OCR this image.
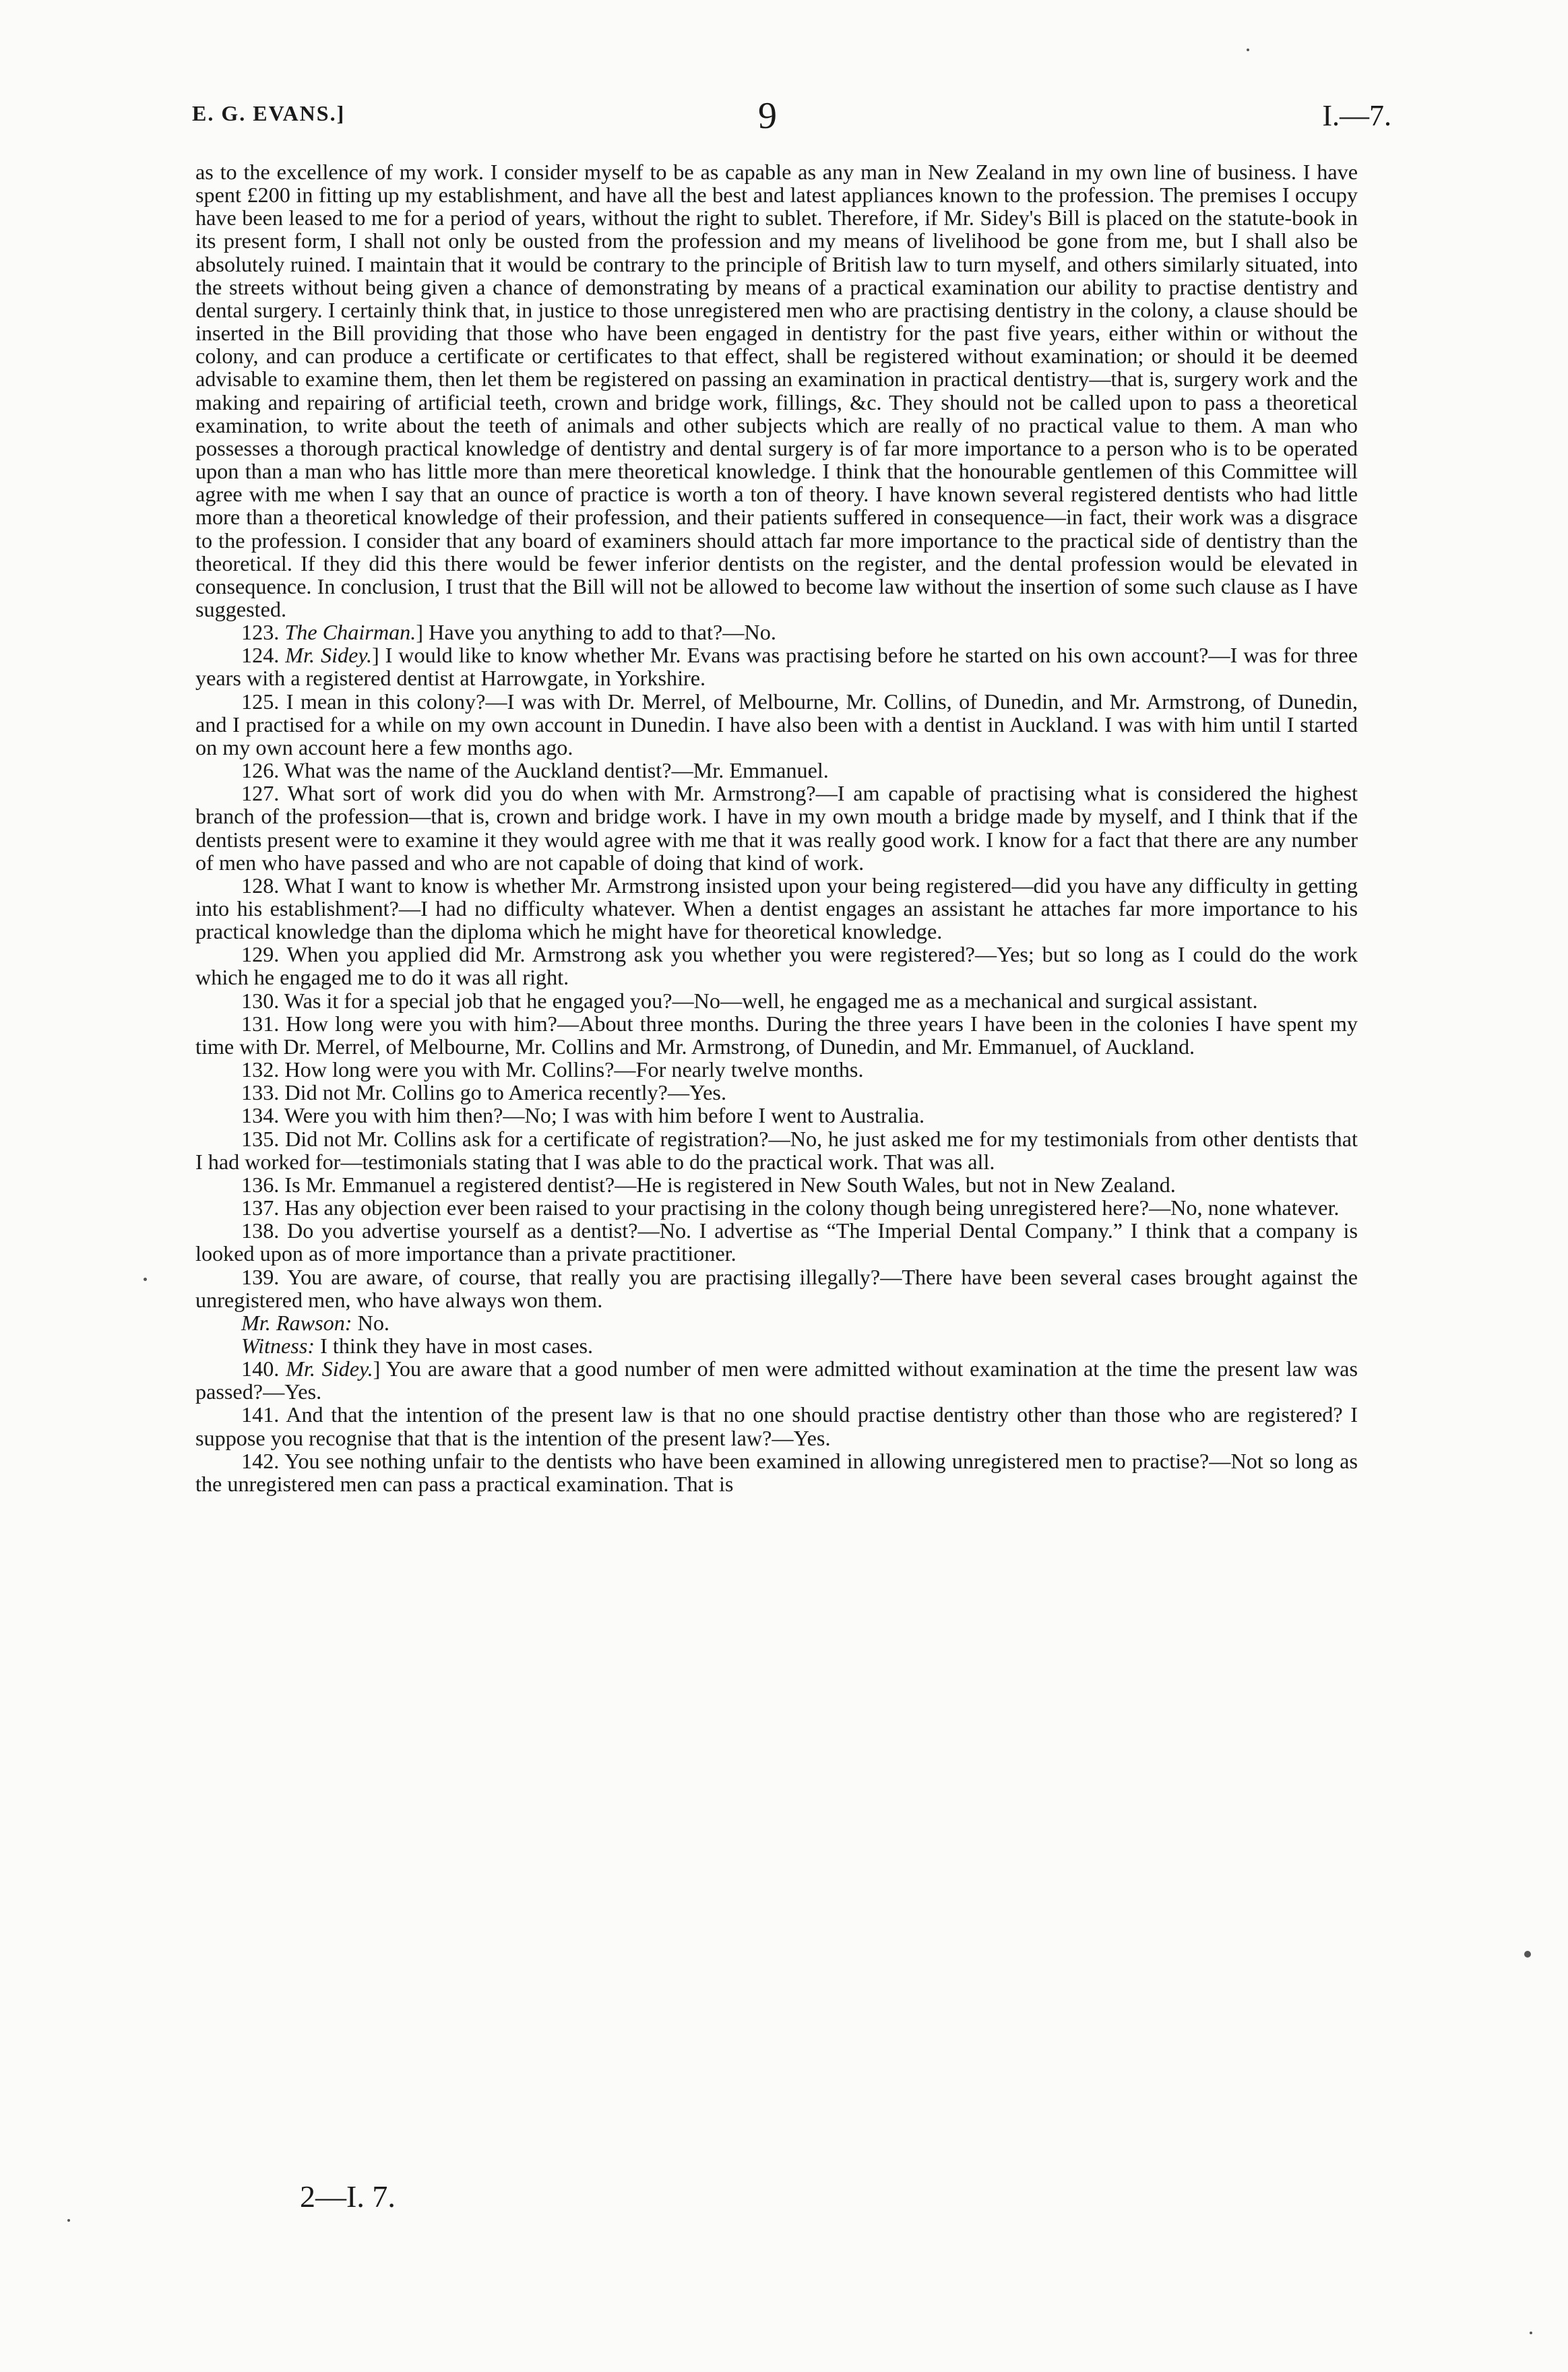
E. G. EVANS.]	9	I.—7.

as to the excellence of my work. I consider myself to be as capable as any man in New Zealand in my own line of business. I have spent £200 in fitting up my establishment, and have all the best and latest appliances known to the profession. The premises I occupy have been leased to me for a period of years, without the right to sublet. Therefore, if Mr. Sidey's Bill is placed on the statute-book in its present form, I shall not only be ousted from the profession and my means of livelihood be gone from me, but I shall also be absolutely ruined. I maintain that it would be contrary to the principle of British law to turn myself, and others similarly situated, into the streets without being given a chance of demonstrating by means of a practical examination our ability to practise dentistry and dental surgery. I certainly think that, in justice to those unregistered men who are practising dentistry in the colony, a clause should be inserted in the Bill providing that those who have been engaged in dentistry for the past five years, either within or without the colony, and can produce a certificate or certificates to that effect, shall be registered without examination; or should it be deemed advisable to examine them, then let them be registered on passing an examination in practical dentistry—that is, surgery work and the making and repairing of artificial teeth, crown and bridge work, fillings, &c. They should not be called upon to pass a theoretical examination, to write about the teeth of animals and other subjects which are really of no practical value to them. A man who possesses a thorough practical knowledge of dentistry and dental surgery is of far more importance to a person who is to be operated upon than a man who has little more than mere theoretical knowledge. I think that the honourable gentlemen of this Committee will agree with me when I say that an ounce of practice is worth a ton of theory. I have known several registered dentists who had little more than a theoretical knowledge of their profession, and their patients suffered in consequence—in fact, their work was a disgrace to the profession. I consider that any board of examiners should attach far more importance to the practical side of dentistry than the theoretical. If they did this there would be fewer inferior dentists on the register, and the dental profession would be elevated in consequence. In conclusion, I trust that the Bill will not be allowed to become law without the insertion of some such clause as I have suggested.

123. The Chairman.] Have you anything to add to that?—No.

124. Mr. Sidey.] I would like to know whether Mr. Evans was practising before he started on his own account?—I was for three years with a registered dentist at Harrowgate, in Yorkshire.

125. I mean in this colony?—I was with Dr. Merrel, of Melbourne, Mr. Collins, of Dunedin, and Mr. Armstrong, of Dunedin, and I practised for a while on my own account in Dunedin. I have also been with a dentist in Auckland. I was with him until I started on my own account here a few months ago.

126. What was the name of the Auckland dentist?—Mr. Emmanuel.

127. What sort of work did you do when with Mr. Armstrong?—I am capable of practising what is considered the highest branch of the profession—that is, crown and bridge work. I have in my own mouth a bridge made by myself, and I think that if the dentists present were to examine it they would agree with me that it was really good work. I know for a fact that there are any number of men who have passed and who are not capable of doing that kind of work.

128. What I want to know is whether Mr. Armstrong insisted upon your being registered—did you have any difficulty in getting into his establishment?—I had no difficulty whatever. When a dentist engages an assistant he attaches far more importance to his practical knowledge than the diploma which he might have for theoretical knowledge.

129. When you applied did Mr. Armstrong ask you whether you were registered?—Yes; but so long as I could do the work which he engaged me to do it was all right.

130. Was it for a special job that he engaged you?—No—well, he engaged me as a mechanical and surgical assistant.

131. How long were you with him?—About three months. During the three years I have been in the colonies I have spent my time with Dr. Merrel, of Melbourne, Mr. Collins and Mr. Armstrong, of Dunedin, and Mr. Emmanuel, of Auckland.

132. How long were you with Mr. Collins?—For nearly twelve months.

133. Did not Mr. Collins go to America recently?—Yes.

134. Were you with him then?—No; I was with him before I went to Australia.

135. Did not Mr. Collins ask for a certificate of registration?—No, he just asked me for my testimonials from other dentists that I had worked for—testimonials stating that I was able to do the practical work. That was all.

136. Is Mr. Emmanuel a registered dentist?—He is registered in New South Wales, but not in New Zealand.

137. Has any objection ever been raised to your practising in the colony though being unregistered here?—No, none whatever.

138. Do you advertise yourself as a dentist?—No. I advertise as “The Imperial Dental Company.” I think that a company is looked upon as of more importance than a private practitioner.

139. You are aware, of course, that really you are practising illegally?—There have been several cases brought against the unregistered men, who have always won them.

Mr. Rawson: No.

Witness: I think they have in most cases.

140. Mr. Sidey.] You are aware that a good number of men were admitted without examination at the time the present law was passed?—Yes.

141. And that the intention of the present law is that no one should practise dentistry other than those who are registered? I suppose you recognise that that is the intention of the present law?—Yes.

142. You see nothing unfair to the dentists who have been examined in allowing unregistered men to practise?—Not so long as the unregistered men can pass a practical examination. That is

2—I. 7.
